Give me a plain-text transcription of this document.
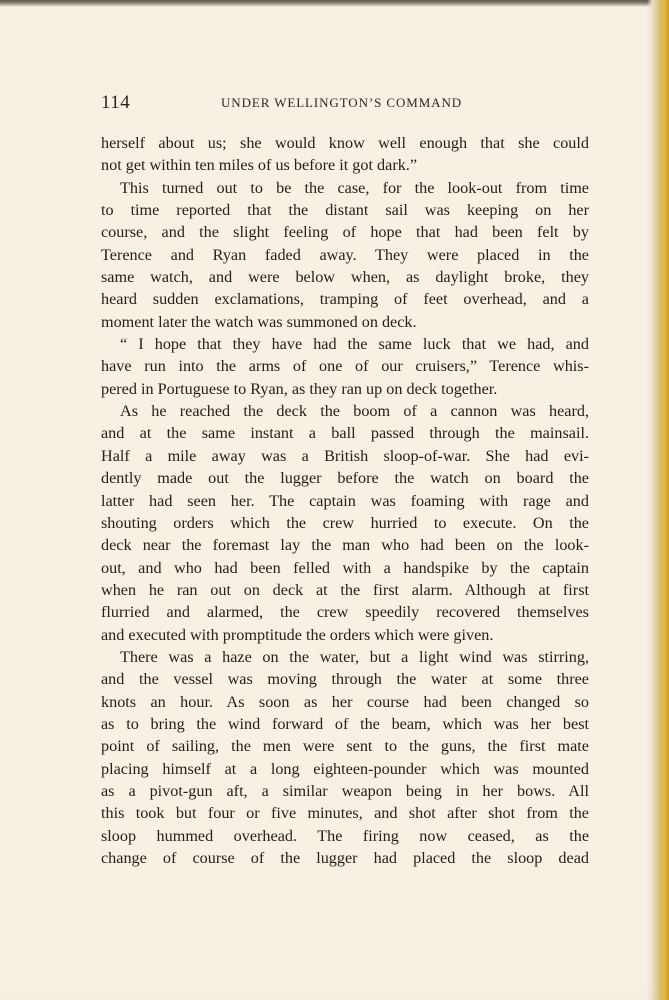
114	UNDER WELLINGTON’S COMMAND
herself about us; she would know well enough that she could
not get within ten miles of us before it got dark.”
This turned out to be the case, for the look-out from time
to time reported that the distant sail was keeping on her
course, and the slight feeling of hope that had been felt by
Terence and Ryan faded away. They were placed in the
same watch, and were below when, as daylight broke, they
heard sudden exclamations, tramping of feet overhead, and a
moment later the watch was summoned on deck.
“ I hope that they have had the same luck that we had, and
have run into the arms of one of our cruisers,” Terence whis-
pered in Portuguese to Ryan, as they ran up on deck together.
As he reached the deck the boom of a cannon was heard,
and at the same instant a ball passed through the mainsail.
Half a mile away was a British sloop-of-war. She had evi-
dently made out the lugger before the watch on board the
latter had seen her. The captain was foaming with rage and
shouting orders which the crew hurried to execute. On the
deck near the foremast lay the man who had been on the look-
out, and who had been felled with a handspike by the captain
when he ran out on deck at the first alarm. Although at first
flurried and alarmed, the crew speedily recovered themselves
and executed with promptitude the orders which were given.
There was a haze on the water, but a light wind was stirring,
and the vessel was moving through the water at some three
knots an hour. As soon as her course had been changed so
as to bring the wind forward of the beam, which was her best
point of sailing, the men were sent to the guns, the first mate
placing himself at a long eighteen-pounder which was mounted
as a pivot-gun aft, a similar weapon being in her bows. All
this took but four or five minutes, and shot after shot from the
sloop hummed overhead. The firing now ceased, as the
change of course of the lugger had placed the sloop dead
